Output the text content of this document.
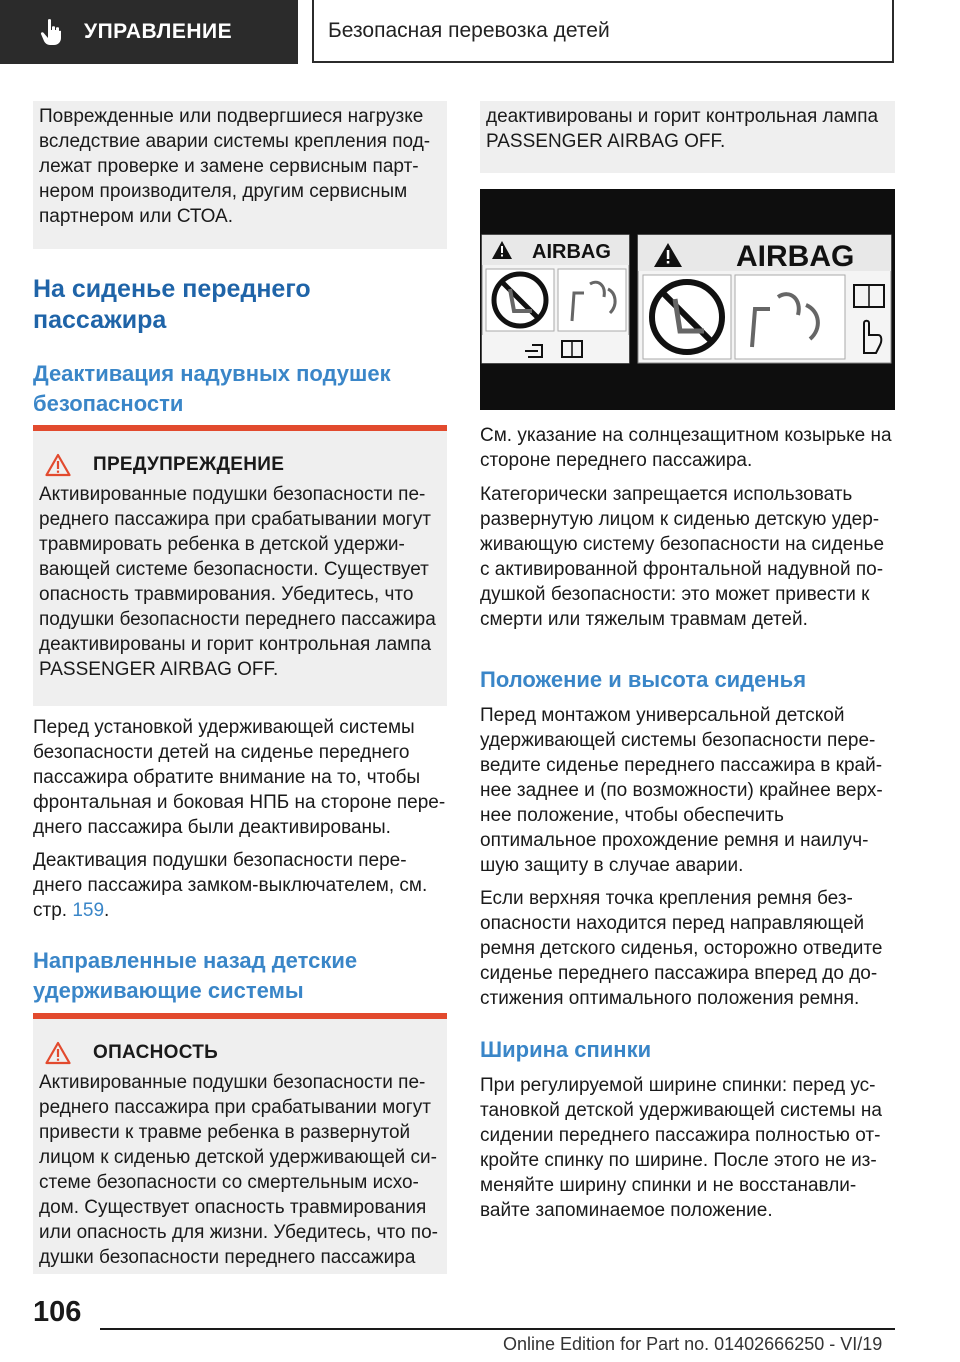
УПРАВЛЕНИЕ	Безопасная перевозка детей

Поврежденные или подвергшиеся нагрузке

вследствие аварии системы крепления под-

лежат проверке и замене сервисным парт-

нером производителя, другим сервисным

партнером или СТОА.

На сиденье переднего
пассажира
Деактивация надувных подушек
безопасности
ПРЕДУПРЕЖДЕНИЕ

Активированные подушки безопасности пе-

реднего пассажира при срабатывании могут

травмировать ребенка в детской удержи-

вающей системе безопасности. Существует

опасность травмирования. Убедитесь, что

подушки безопасности переднего пассажира

деактивированы и горит контрольная лампа

PASSENGER AIRBAG OFF.

Перед установкой удерживающей системы

безопасности детей на сиденье переднего

пассажира обратите внимание на то, чтобы

фронтальная и боковая НПБ на стороне пере-

днего пассажира были деактивированы.

Деактивация подушки безопасности пере-

днего пассажира замком-выключателем, см.

стр. 159.

Направленные назад детские
удерживающие системы
ОПАСНОСТЬ

Активированные подушки безопасности пе-

реднего пассажира при срабатывании могут

привести к травме ребенка в развернутой

лицом к сиденью детской удерживающей си-

стеме безопасности со смертельным исхо-

дом. Существует опасность травмирования

или опасность для жизни. Убедитесь, что по-

душки безопасности переднего пассажира

деактивированы и горит контрольная лампа

PASSENGER AIRBAG OFF.

AIRBAG	AIRBAG

См. указание на солнцезащитном козырьке на

стороне переднего пассажира.

Категорически запрещается использовать

развернутую лицом к сиденью детскую удер-

живающую систему безопасности на сиденье

с активированной фронтальной надувной по-

душкой безопасности: это может привести к

смерти или тяжелым травмам детей.

Положение и высота сиденья

Перед монтажом универсальной детской

удерживающей системы безопасности пере-

ведите сиденье переднего пассажира в край-

нее заднее и (по возможности) крайнее верх-

нее положение, чтобы обеспечить

оптимальное прохождение ремня и наилуч-

шую защиту в случае аварии.

Если верхняя точка крепления ремня без-

опасности находится перед направляющей

ремня детского сиденья, осторожно отведите

сиденье переднего пассажира вперед до до-

стижения оптимального положения ремня.

Ширина спинки

При регулируемой ширине спинки: перед ус-

тановкой детской удерживающей системы на

сидении переднего пассажира полностью от-

кройте спинку по ширине. После этого не из-

меняйте ширину спинки и не восстанавли-

вайте запоминаемое положение.

106
Online Edition for Part no. 01402666250 - VI/19
